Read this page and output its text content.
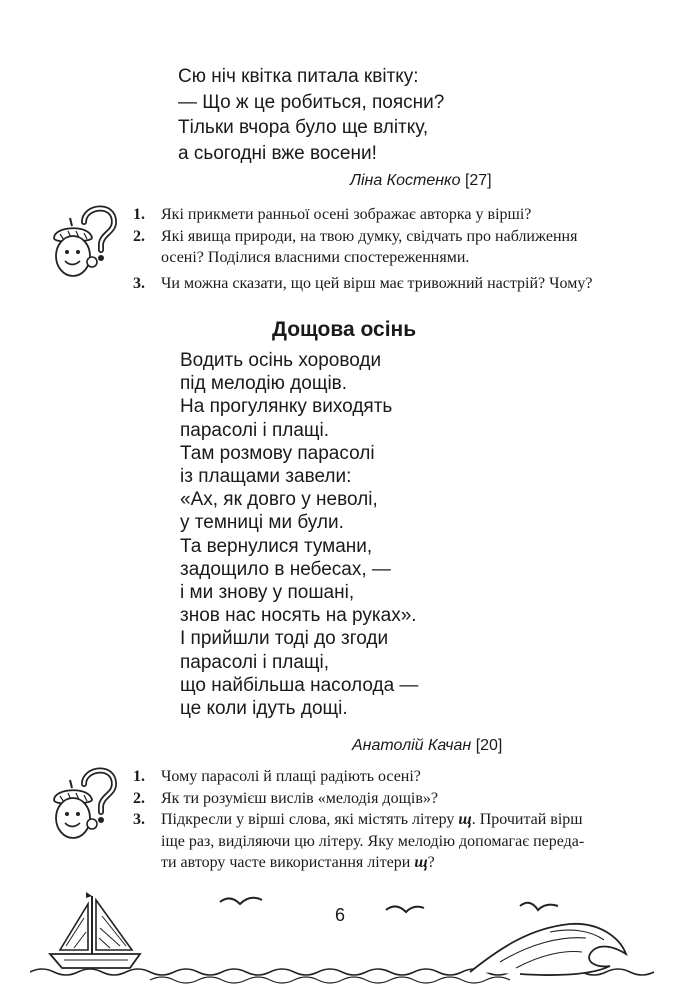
Сю ніч квітка питала квітку:
— Що ж це робиться, поясни?
Тільки вчора було ще влітку,
а сьогодні вже восени!
Ліна Костенко [27]
1. Які прикмети ранньої осені зображає авторка у вірші?
2. Які явища природи, на твою думку, свідчать про наближення
осені? Поділися власними спостереженнями.
3. Чи можна сказати, що цей вірш має тривожний настрій? Чому?
Дощова осінь
Водить осінь хороводи
під мелодію дощів.
На прогулянку виходять
парасолі і плащі.
Там розмову парасолі
із плащами завели:
«Ах, як довго у неволі,
у темниці ми були.
Та вернулися тумани,
задощило в небесах, —
і ми знову у пошані,
знов нас носять на руках».
І прийшли тоді до згоди
парасолі і плащі,
що найбільша насолода —
це коли ідуть дощі.
Анатолій Качан [20]
1. Чому парасолі й плащі радіють осені?
2. Як ти розумієш вислів «мелодія дощів»?
3. Підкресли у вірші слова, які містять літеру щ. Прочитай вірш
іще раз, виділяючи цю літеру. Яку мелодію допомагає переда-
ти автору часте використання літери щ?
6
